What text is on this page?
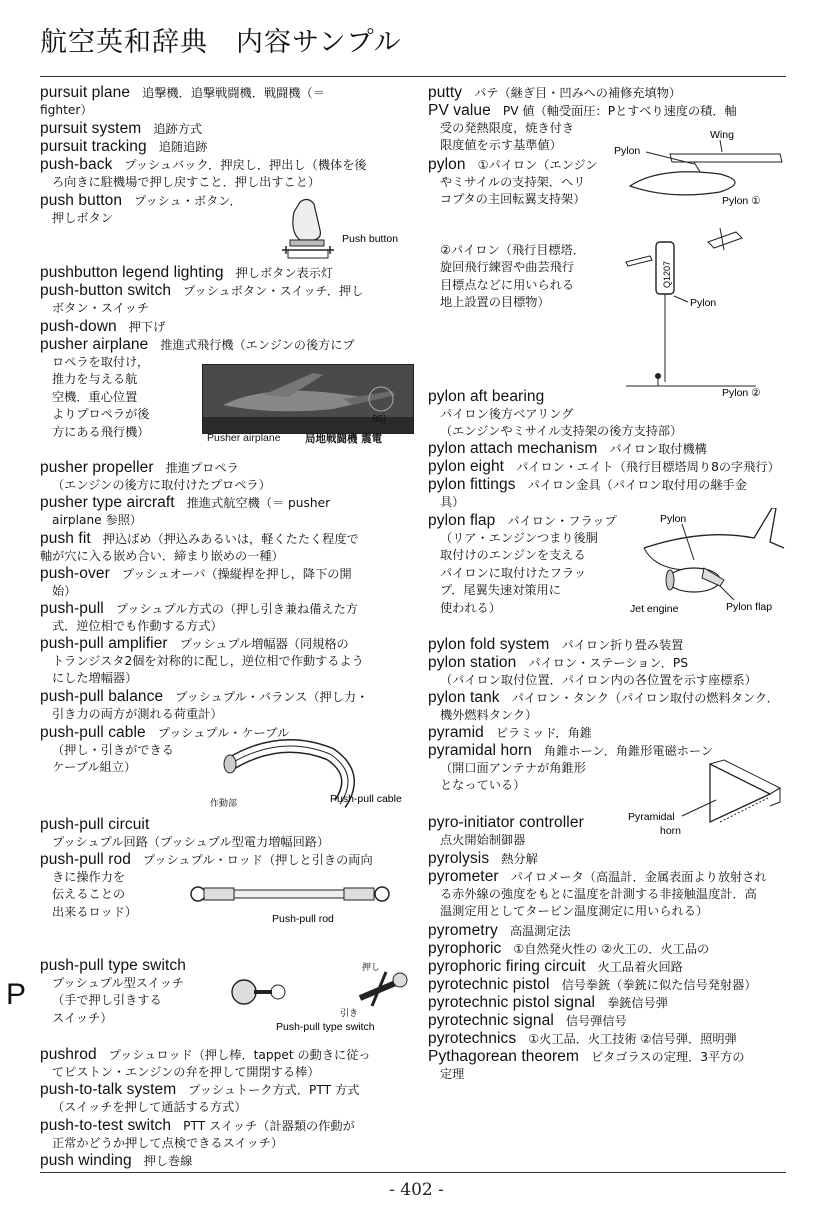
航空英和辞典　内容サンプル
pursuit plane 追撃機．追撃戦闘機．戦闘機（＝
fighter）
pursuit system 追跡方式
pursuit tracking 追随追跡
push-back プッシュバック．押戻し．押出し（機体を後
ろ向きに駐機場で押し戻すこと．押し出すこと）
push button プッシュ・ボタン．
押しボタン
Push button
pushbutton legend lighting 押しボタン表示灯
push-button switch プッシュボタン・スイッチ．押し
ボタン・スイッチ
push-down 押下げ
pusher airplane 推進式飛行機（エンジンの後方にプ
ロペラを取付け，
推力を与える航
空機．重心位置
よりプロペラが後
方にある飛行機）
86)
Pusher airplane 局地戦闘機 震電
pusher propeller 推進プロペラ
（エンジンの後方に取付けたプロペラ）
pusher type aircraft 推進式航空機（＝ pusher
airplane 参照）
push fit 押込ばめ（押込みあるいは，軽くたたく程度で
軸が穴に入る嵌め合い．締まり嵌めの一種）
push-over プッシュオーバ（操縦桿を押し，降下の開
始）
push-pull プッシュプル方式の（押し引き兼ね備えた方
式．逆位相でも作動する方式）
push-pull amplifier プッシュプル増幅器（同規格の
トランジスタ2個を対称的に配し，逆位相で作動するよう
にした増幅器）
push-pull balance プッシュプル・バランス（押し力・
引き力の両方が測れる荷重計）
push-pull cable プッシュプル・ケーブル
（押し・引きができる
ケーブル組立）
作動部	Push-pull cable
push-pull circuit
プッシュプル回路（プッシュプル型電力増幅回路）
push-pull rod プッシュプル・ロッド（押しと引きの両向
きに操作力を
伝えることの
出来るロッド）
Push-pull rod
push-pull type switch
プッシュプル型スイッチ
（手で押し引きする
スイッチ）
押し
引き
Push-pull type switch
pushrod プッシュロッド（押し棒．tappet の動きに従っ
てピストン・エンジンの弁を押して開閉する棒）
push-to-talk system プッシュトーク方式．PTT 方式
（スイッチを押して通話する方式）
push-to-test switch PTT スイッチ（計器類の作動が
正常かどうか押して点検できるスイッチ）
push winding 押し巻線
putty パテ（継ぎ目・凹みへの補修充填物）
PV value PV 値（軸受面圧：Pとすべり速度の積．軸
受の発熱限度，焼き付き
限度値を示す基準値）
Wing
Pylon
Pylon ①
pylon ①パイロン（エンジン
やミサイルの支持架．ヘリ
コプタの主回転翼支持架）
②パイロン（飛行目標塔．
旋回飛行練習や曲芸飛行
目標点などに用いられる
地上設置の目標物）
Q1207
Pylon
Pylon ②
pylon aft bearing
パイロン後方ベアリング
（エンジンやミサイル支持架の後方支持部）
pylon attach mechanism パイロン取付機構
pylon eight パイロン・エイト（飛行目標塔周り8の字飛行）
pylon fittings パイロン金具（パイロン取付用の継手金
具）
pylon flap パイロン・フラップ
（リア・エンジンつまり後胴
取付けのエンジンを支える
パイロンに取付けたフラッ
プ．尾翼失速対策用に
使われる）
Pylon
Jet engine	Pylon flap
pylon fold system パイロン折り畳み装置
pylon station パイロン・ステーション．PS
（パイロン取付位置．パイロン内の各位置を示す座標系）
pylon tank パイロン・タンク（パイロン取付の燃料タンク．
機外燃料タンク）
pyramid ピラミッド．角錐
pyramidal horn 角錐ホーン．角錐形電磁ホーン
（開口面アンテナが角錐形
となっている）
Pyramidal
horn
pyro-initiator controller
点火開始制御器
pyrolysis 熱分解
pyrometer パイロメータ（高温計．金属表面より放射され
る赤外線の強度をもとに温度を計測する非接触温度計．高
温測定用としてタービン温度測定に用いられる）
pyrometry 高温測定法
pyrophoric ①自然発火性の ②火工の．火工品の
pyrophoric firing circuit 火工品着火回路
pyrotechnic pistol 信号拳銃（拳銃に似た信号発射器）
pyrotechnic pistol signal 拳銃信号弾
pyrotechnic signal 信号弾信号
pyrotechnics ①火工品．火工技術 ②信号弾．照明弾
Pythagorean theorem ピタゴラスの定理．3平方の
定理
P
- 402 -
